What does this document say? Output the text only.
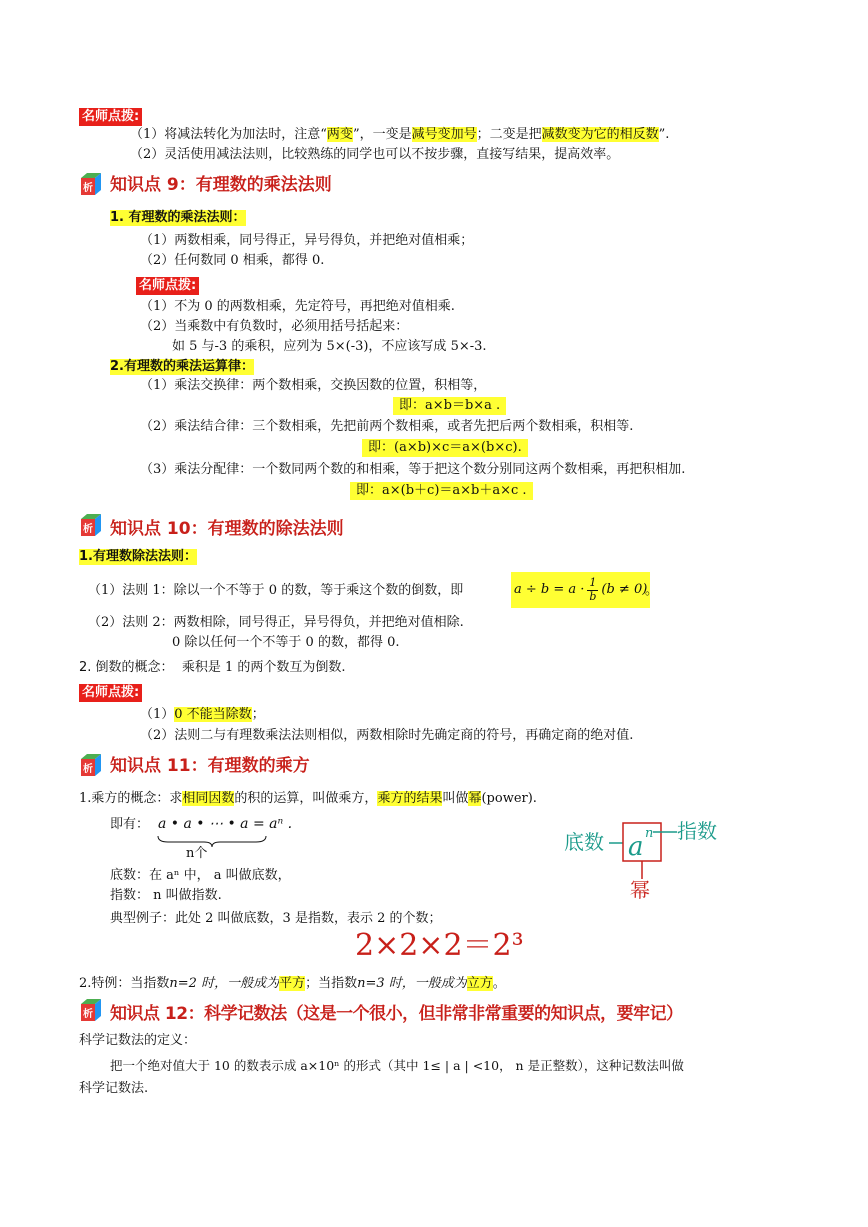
名师点拨:
（1）将减法转化为加法时，注意“两变”，一变是减号变加号；二变是把减数变为它的相反数”.
（2）灵活使用减法法则，比较熟练的同学也可以不按步骤，直接写结果，提高效率。
析 知识点 9：有理数的乘法法则
1. 有理数的乘法法则：
（1）两数相乘，同号得正，异号得负，并把绝对值相乘；
（2）任何数同 0 相乘，都得 0.
名师点拨:
（1）不为 0 的两数相乘，先定符号，再把绝对值相乘.
（2）当乘数中有负数时，必须用括号括起来：
如 5 与-3 的乘积，应列为 5×(-3)，不应该写成 5×-3.
2.有理数的乘法运算律：
（1）乘法交换律：两个数相乘，交换因数的位置，积相等，
即：a×b＝b×a .
（2）乘法结合律：三个数相乘，先把前两个数相乘，或者先把后两个数相乘，积相等.
即：(a×b)×c＝a×(b×c).
（3）乘法分配律：一个数同两个数的和相乘，等于把这个数分别同这两个数相乘，再把积相加.
即：a×(b＋c)＝a×b＋a×c .
析 知识点 10：有理数的除法法则
1.有理数除法法则：
（1）法则 1：除以一个不等于 0 的数，等于乘这个数的倒数，即	$a \div b = a \cdot \frac{1}{b} (b \ne 0)$
。
（2）法则 2：两数相除，同号得正，异号得负，并把绝对值相除.
0 除以任何一个不等于 0 的数，都得 0.
2. 倒数的概念： 乘积是 1 的两个数互为倒数.
名师点拨:
（1）0 不能当除数；
（2）法则二与有理数乘法法则相似，两数相除时先确定商的符号，再确定商的绝对值.
析 知识点 11：有理数的乘方
1.乘方的概念：求相同因数的积的运算，叫做乘方，乘方的结果叫做幂(power).
即有： a • a • ⋯ • a = aⁿ .
n个
底数：在 aⁿ 中， a 叫做底数，
指数： n 叫做指数.
典型例子：此处 2 叫做底数，3 是指数，表示 2 的个数；
2×2×2＝2³
底数 a n 指数
幂
2.特例：当指数n=2 时，一般成为平方；当指数n=3 时，一般成为立方。
析 知识点 12：科学记数法（这是一个很小，但非常非常重要的知识点，要牢记）
科学记数法的定义：
把一个绝对值大于 10 的数表示成 a×10ⁿ 的形式（其中 1≤ | a | <10， n 是正整数），这种记数法叫做
科学记数法.
